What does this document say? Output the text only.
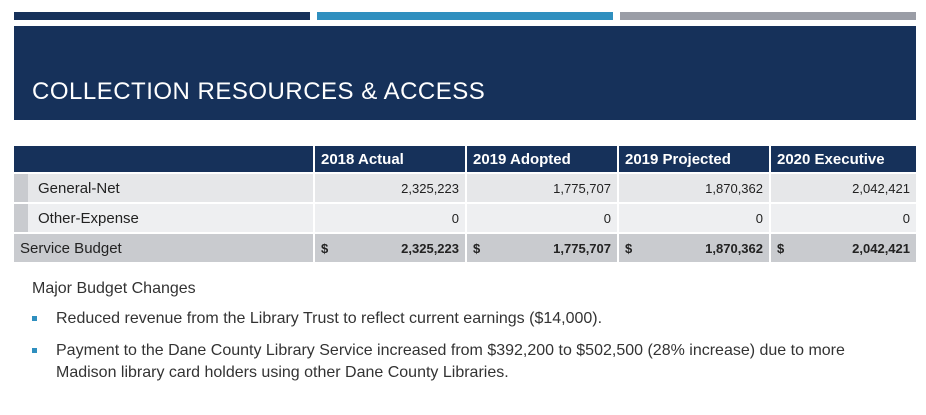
COLLECTION RESOURCES & ACCESS
	2018 Actual	2019 Adopted	2019 Projected	2020 Executive

General-Net	2,325,223	1,775,707	1,870,362	2,042,421

Other-Expense	0	0	0	0
Service Budget	$ 2,325,223	$ 1,775,707	$ 1,870,362	$ 2,042,421

Major Budget Changes

Reduced revenue from the Library Trust to reflect current earnings ($14,000).
Payment to the Dane County Library Service increased from $392,200 to $502,500 (28% increase) due to more Madison library card holders using other Dane County Libraries.
